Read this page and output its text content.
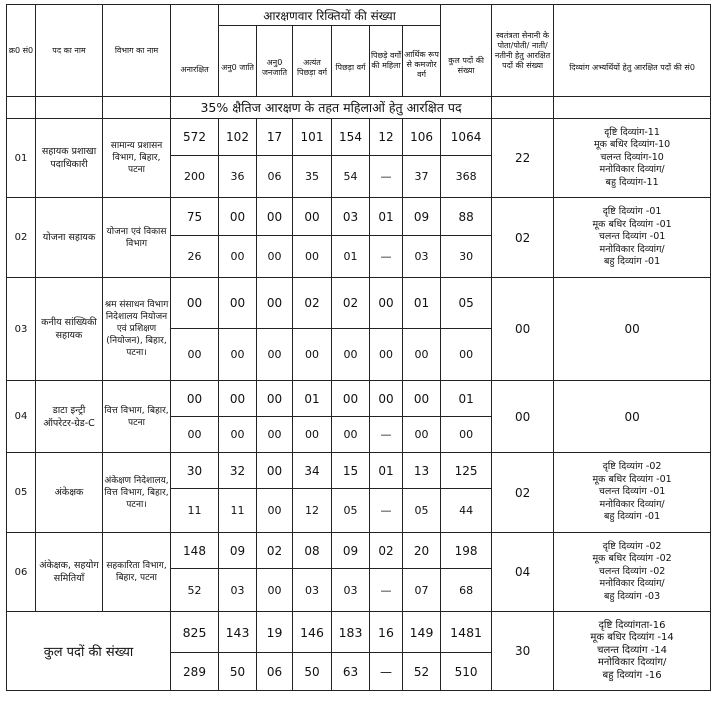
क्र0 सं0	पद का नाम	विभाग का नाम	अनारक्षित	आरक्षणवार रिक्तियों की संख्या						कुल पदों की संख्या	स्वतंत्रता सेनानी के पोता/पोती/ नाती/ नतीनी हेतु आरक्षित पदों की संख्या	दिव्यांग अभ्यर्थियों हेतु आरक्षित पदों की सं0
				अनु0 जाति	अनु0 जनजाति	अत्यंत पिछड़ा वर्ग	पिछड़ा वर्ग	पिछड़े वर्गों की महिला	आर्थिक रूप से कमजोर वर्ग			
			35% क्षैतिज आरक्षण के तहत महिलाओं हेतु आरक्षित पद									
01	सहायक प्रशाखा पदाधिकारी	सामान्य प्रशासन विभाग, बिहार, पटना	572	102	17	101	154	12	106	1064	22	दृष्टि दिव्यांग-11
मूक बधिर दिव्यांग-10
चलन्त दिव्यांग-10
मनोविकार दिव्यांग/
बहु दिव्यांग-11

			200	36	06	35	54	—	37	368		
02	योजना सहायक	योजना एवं विकास विभाग	75	00	00	00	03	01	09	88	02	दृष्टि दिव्यांग -01
मूक बधिर दिव्यांग -01
चलन्त दिव्यांग -01
मनोविकार दिव्यांग/
बहु दिव्यांग -01

			26	00	00	00	01	—	03	30		
03	कनीय सांख्यिकी सहायक	श्रम संसाधन विभाग निदेशालय नियोजन एवं प्रशिक्षण (नियोजन), बिहार, पटना।	00	00	00	02	02	00	01	05	00	00
			00	00	00	00	00	00	00	00		
04	डाटा इन्ट्री ऑपरेटर-ग्रेड-C	वित्त विभाग, बिहार, पटना	00	00	00	01	00	00	00	01	00	00
			00	00	00	00	00	—	00	00		
05	अंकेक्षक	अंकेक्षण निदेशालय, वित्त विभाग, बिहार, पटना।	30	32	00	34	15	01	13	125	02	दृष्टि दिव्यांग -02
मूक बधिर दिव्यांग -01
चलन्त दिव्यांग -01
मनोविकार दिव्यांग/
बहु दिव्यांग -01

			11	11	00	12	05	—	05	44		
06	अंकेक्षक, सहयोग समितियाँ	सहकारिता विभाग, बिहार, पटना	148	09	02	08	09	02	20	198	04	दृष्टि दिव्यांग -02
मूक बधिर दिव्यांग -02
चलन्त दिव्यांग -02
मनोविकार दिव्यांग/
बहु दिव्यांग -03

			52	03	00	03	03	—	07	68		
कुल पदों की संख्या			825	143	19	146	183	16	149	1481	30	दृष्टि दिव्यांगता-16
मूक बधिर दिव्यांग -14
चलन्त दिव्यांग -14
मनोविकार दिव्यांग/
बहु दिव्यांग -16

			289	50	06	50	63	—	52	510		
